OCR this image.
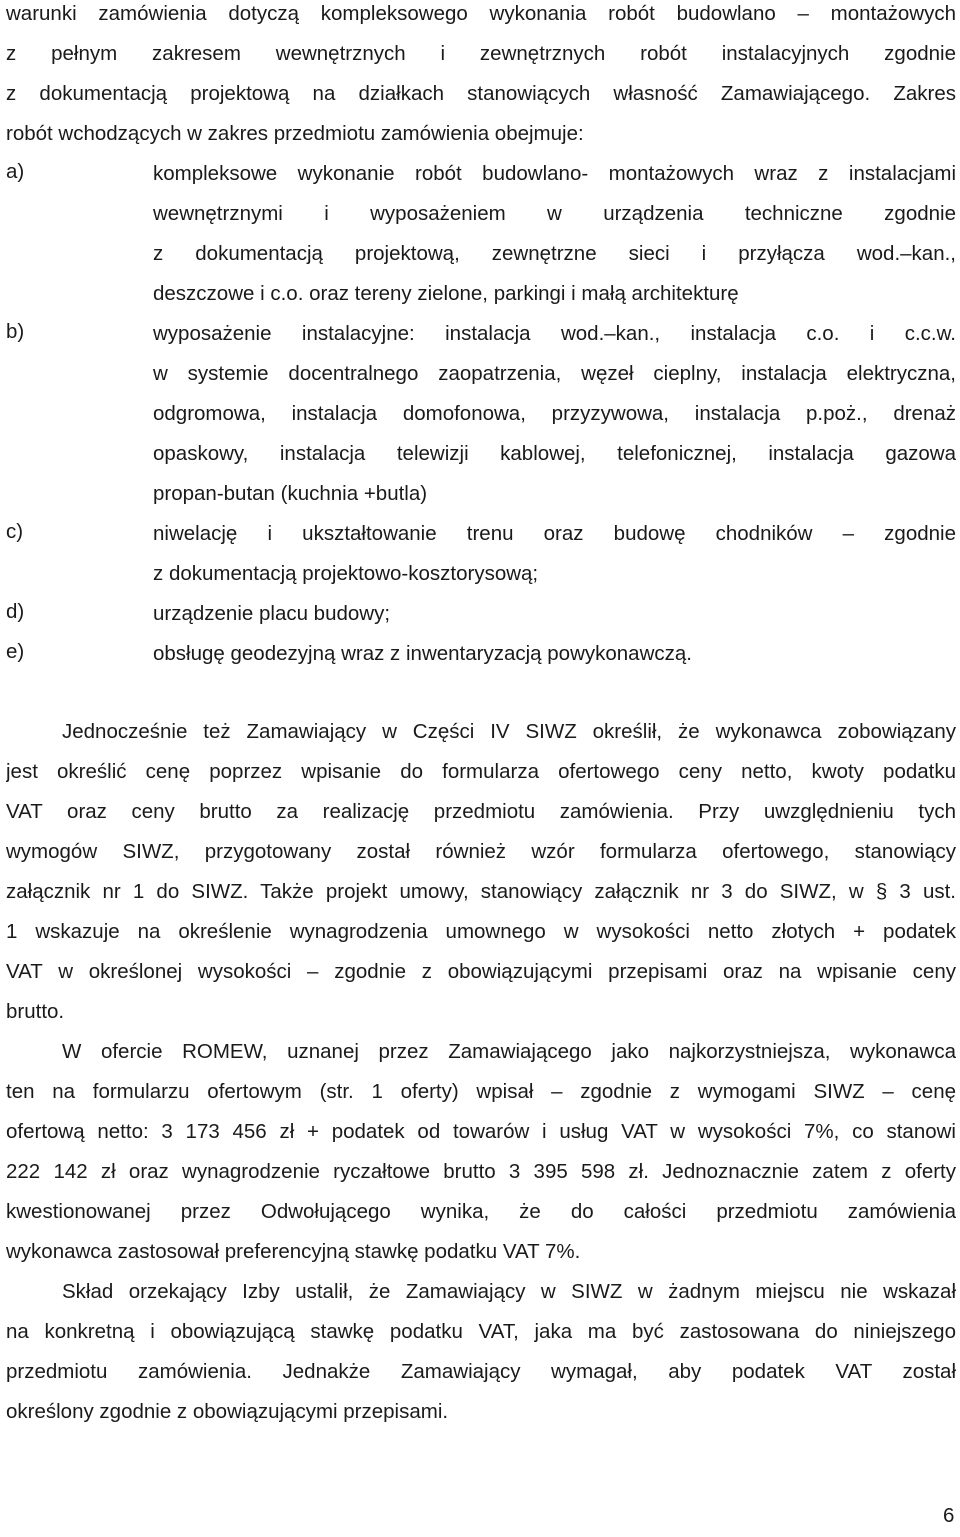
warunki zamówienia dotyczą kompleksowego wykonania robót budowlano – montażowych
z pełnym zakresem wewnętrznych i zewnętrznych robót instalacyjnych zgodnie
z dokumentacją projektową na działkach stanowiących własność Zamawiającego. Zakres
robót wchodzących w zakres przedmiotu zamówienia obejmuje:
a)	kompleksowe wykonanie robót budowlano- montażowych wraz z instalacjami
wewnętrznymi i wyposażeniem w urządzenia techniczne zgodnie
z dokumentacją projektową, zewnętrzne sieci i przyłącza wod.–kan.,
deszczowe i c.o. oraz tereny zielone, parkingi i małą architekturę
b)	wyposażenie instalacyjne: instalacja wod.–kan., instalacja c.o. i c.c.w.
w systemie docentralnego zaopatrzenia, węzeł cieplny, instalacja elektryczna,
odgromowa, instalacja domofonowa, przyzywowa, instalacja p.poż., drenaż
opaskowy, instalacja telewizji kablowej, telefonicznej, instalacja gazowa
propan-butan (kuchnia +butla)
c)	niwelację i ukształtowanie trenu oraz budowę chodników – zgodnie
z dokumentacją projektowo-kosztorysową;
d)	urządzenie placu budowy;
e)	obsługę geodezyjną wraz z inwentaryzacją powykonawczą.
Jednocześnie też Zamawiający w Części IV SIWZ określił, że wykonawca zobowiązany
jest określić cenę poprzez wpisanie do formularza ofertowego ceny netto, kwoty podatku
VAT oraz ceny brutto za realizację przedmiotu zamówienia. Przy uwzględnieniu tych
wymogów SIWZ, przygotowany został również wzór formularza ofertowego, stanowiący
załącznik nr 1 do SIWZ. Także projekt umowy, stanowiący załącznik nr 3 do SIWZ, w § 3 ust.
1 wskazuje na określenie wynagrodzenia umownego w wysokości netto złotych + podatek
VAT w określonej wysokości – zgodnie z obowiązującymi przepisami oraz na wpisanie ceny
brutto.
W ofercie ROMEW, uznanej przez Zamawiającego jako najkorzystniejsza, wykonawca
ten na formularzu ofertowym (str. 1 oferty) wpisał – zgodnie z wymogami SIWZ – cenę
ofertową netto: 3 173 456 zł + podatek od towarów i usług VAT w wysokości 7%, co stanowi
222 142 zł oraz wynagrodzenie ryczałtowe brutto 3 395 598 zł. Jednoznacznie zatem z oferty
kwestionowanej przez Odwołującego wynika, że do całości przedmiotu zamówienia
wykonawca zastosował preferencyjną stawkę podatku VAT 7%.
Skład orzekający Izby ustalił, że Zamawiający w SIWZ w żadnym miejscu nie wskazał
na konkretną i obowiązującą stawkę podatku VAT, jaka ma być zastosowana do niniejszego
przedmiotu zamówienia. Jednakże Zamawiający wymagał, aby podatek VAT został
określony zgodnie z obowiązującymi przepisami.
6
